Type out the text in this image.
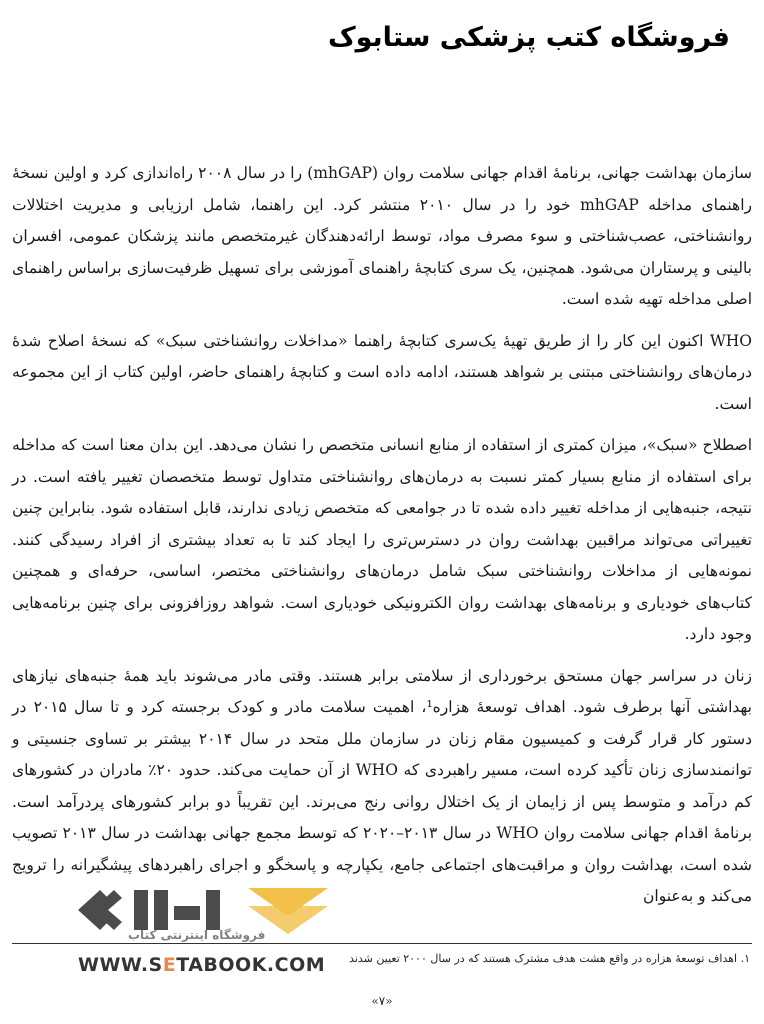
فروشگاه کتب پزشکی ستابوک

سازمان بهداشت جهانی، برنامهٔ اقدام جهانی سلامت روان (mhGAP) را در سال ۲۰۰۸ راه‌اندازی کرد و اولین نسخهٔ راهنمای مداخله mhGAP خود را در سال ۲۰۱۰ منتشر کرد. این راهنما، شامل ارزیابی و مدیریت اختلالات روانشناختی، عصب‌شناختی و سوء مصرف مواد، توسط ارائه‌دهندگان غیرمتخصص مانند پزشکان عمومی، افسران بالینی و پرستاران می‌شود. همچنین، یک سری کتابچهٔ راهنمای آموزشی برای تسهیل ظرفیت‌سازی براساس راهنمای اصلی مداخله تهیه شده است.

WHO اکنون این کار را از طریق تهیهٔ یک‌سری کتابچهٔ راهنما «مداخلات روانشناختی سبک» که نسخهٔ اصلاح شدهٔ درمان‌های روانشناختی مبتنی بر شواهد هستند، ادامه داده است و کتابچهٔ راهنمای حاضر، اولین کتاب از این مجموعه است.

اصطلاح «سبک»، میزان کمتری از استفاده از منابع انسانی متخصص را نشان می‌دهد. این بدان معنا است که مداخله برای استفاده از منابع بسیار کمتر نسبت به درمان‌های روانشناختی متداول توسط متخصصان تغییر یافته است. در نتیجه، جنبه‌هایی از مداخله تغییر داده شده تا در جوامعی که متخصص زیادی ندارند، قابل استفاده شود. بنابراین چنین تغییراتی می‌تواند مراقبین بهداشت روان در دسترس‌تری را ایجاد کند تا به تعداد بیشتری از افراد رسیدگی کنند. نمونه‌هایی از مداخلات روانشناختی سبک شامل درمان‌های روانشناختی مختصر، اساسی، حرفه‌ای و همچنین کتاب‌های خودیاری و برنامه‌های بهداشت روان الکترونیکی خودیاری است. شواهد روزافزونی برای چنین برنامه‌هایی وجود دارد.

زنان در سراسر جهان مستحق برخورداری از سلامتی برابر هستند. وقتی مادر می‌شوند باید همهٔ جنبه‌های نیازهای بهداشتی آنها برطرف شود. اهداف توسعهٔ هزاره¹، اهمیت سلامت مادر و کودک برجسته کرد و تا سال ۲۰۱۵ در دستور کار قرار گرفت و کمیسیون مقام زنان در سازمان ملل متحد در سال ۲۰۱۴ بیشتر بر تساوی جنسیتی و توانمندسازی زنان تأکید کرده است، مسیر راهبردی که WHO از آن حمایت می‌کند. حدود ۲۰٪ مادران در کشورهای کم درآمد و متوسط پس از زایمان از یک اختلال روانی رنج می‌برند. این تقریباً دو برابر کشورهای پردرآمد است. برنامهٔ اقدام جهانی سلامت روان WHO در سال ۲۰۱۳–۲۰۲۰ که توسط مجمع جهانی بهداشت در سال ۲۰۱۳ تصویب شده است، بهداشت روان و مراقبت‌های اجتماعی جامع، یکپارچه و پاسخگو و اجرای راهبردهای پیشگیرانه را ترویج می‌کند و به‌عنوان

۱. اهداف توسعهٔ هزاره در واقع هشت هدف مشترک هستند که در سال ۲۰۰۰ تعیین شدند
فروشگاه اینترنتی کتاب
WWW.SETABOOK.COM
«۷»
